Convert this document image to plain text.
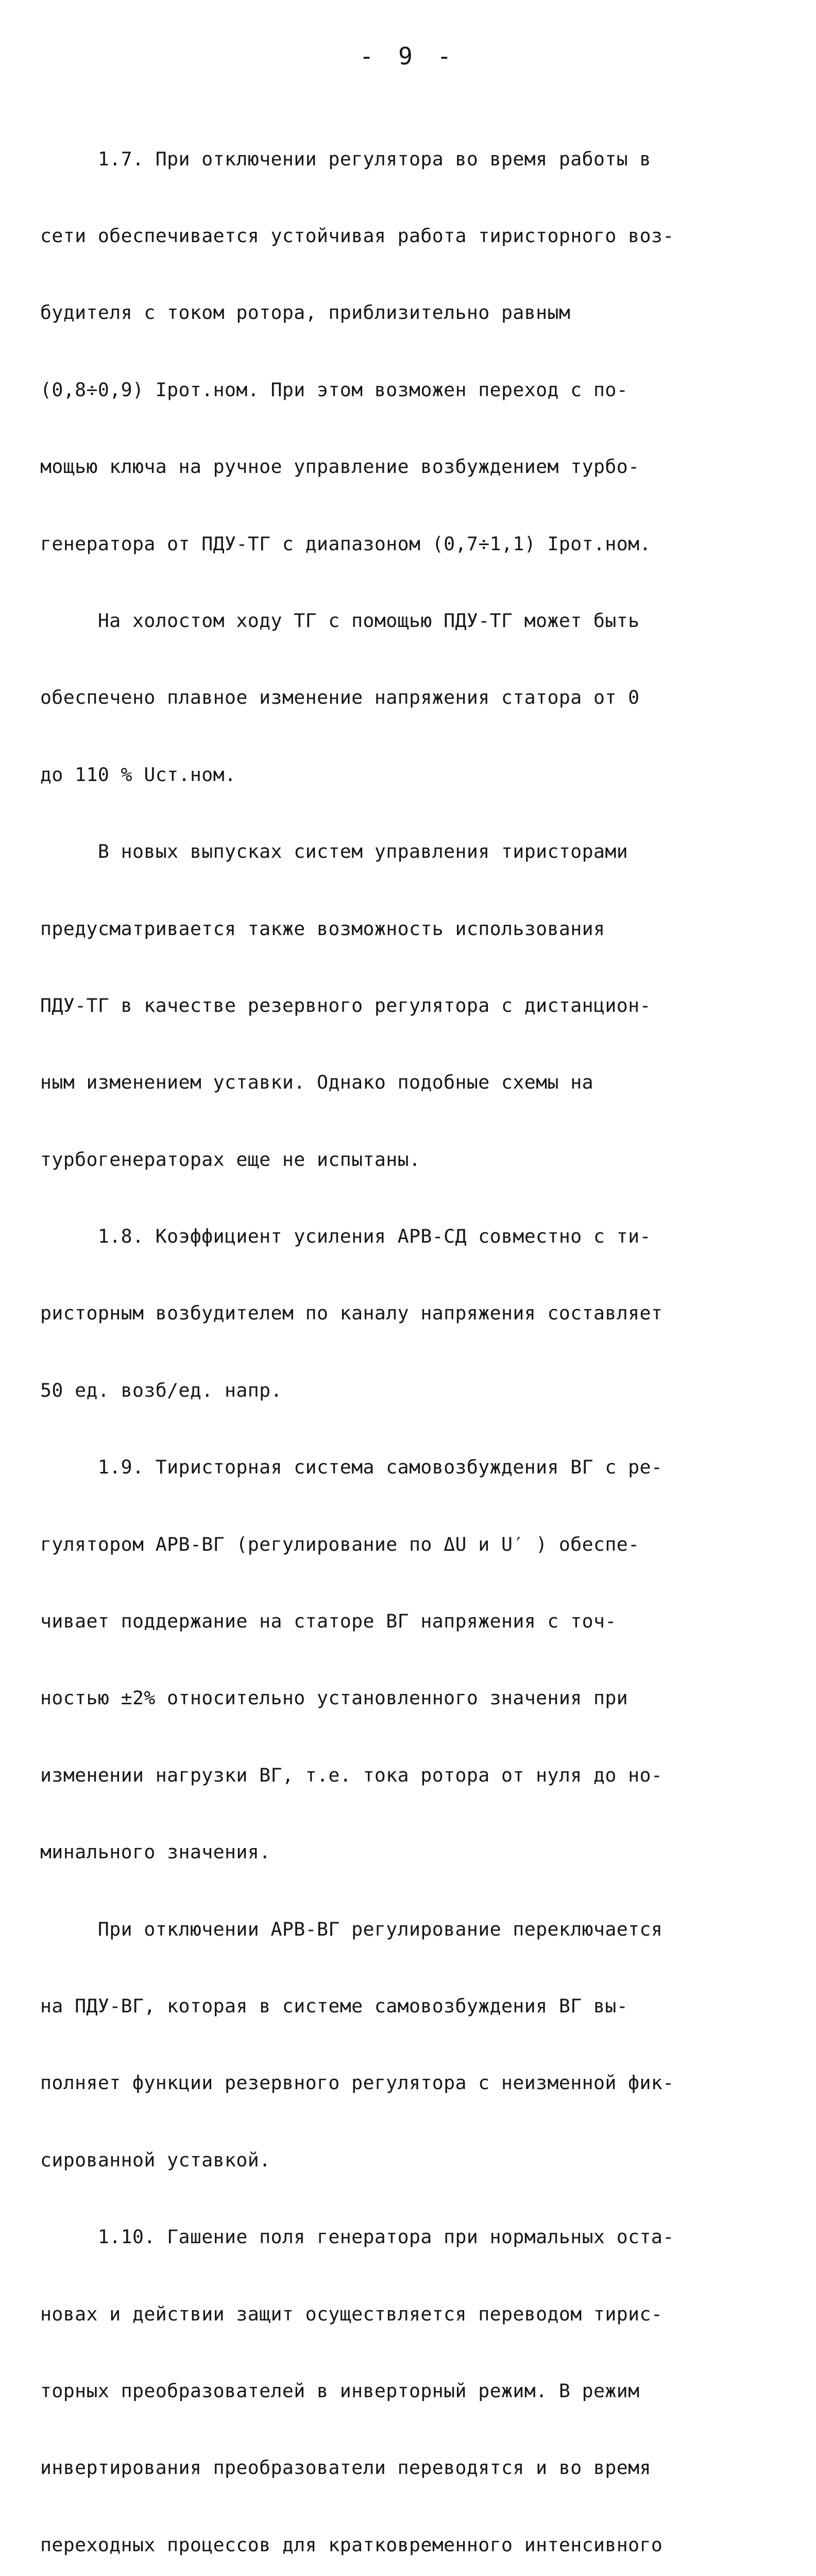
- 9 -

1.7. При отключении регулятора во время работы в

сети обеспечивается устойчивая работа тиристорного воз-

будителя с током ротора, приблизительно равным

(0,8÷0,9) Iрот.ном. При этом возможен переход с по-

мощью ключа на ручное управление возбуждением турбо-

генератора от ПДУ-ТГ с диапазоном (0,7÷1,1) Iрот.ном.

На холостом ходу ТГ с помощью ПДУ-ТГ может быть

обеспечено плавное изменение напряжения статора от 0

до 110 % Uст.ном.

В новых выпусках систем управления тиристорами

предусматривается также возможность использования

ПДУ-ТГ в качестве резервного регулятора с дистанцион-

ным изменением уставки. Однако подобные схемы на

турбогенераторах еще не испытаны.

1.8. Коэффициент усиления АРВ-СД совместно с ти-

ристорным возбудителем по каналу напряжения составляет

50 ед. возб/ед. напр.

1.9. Тиристорная система самовозбуждения ВГ с ре-

гулятором АРВ-ВГ (регулирование по ΔU и U′ ) обеспе-

чивает поддержание на статоре ВГ напряжения с точ-

ностью ±2% относительно установленного значения при

изменении нагрузки ВГ, т.е. тока ротора от нуля до но-

минального значения.

При отключении АРВ-ВГ регулирование переключается

на ПДУ-ВГ, которая в системе самовозбуждения ВГ вы-

полняет функции резервного регулятора с неизменной фик-

сированной уставкой.

1.10. Гашение поля генератора при нормальных оста-

новах и действии защит осуществляется переводом тирис-

торных преобразователей в инверторный режим. В режим

инвертирования преобразователи переводятся и во время

переходных процессов для кратковременного интенсивного
